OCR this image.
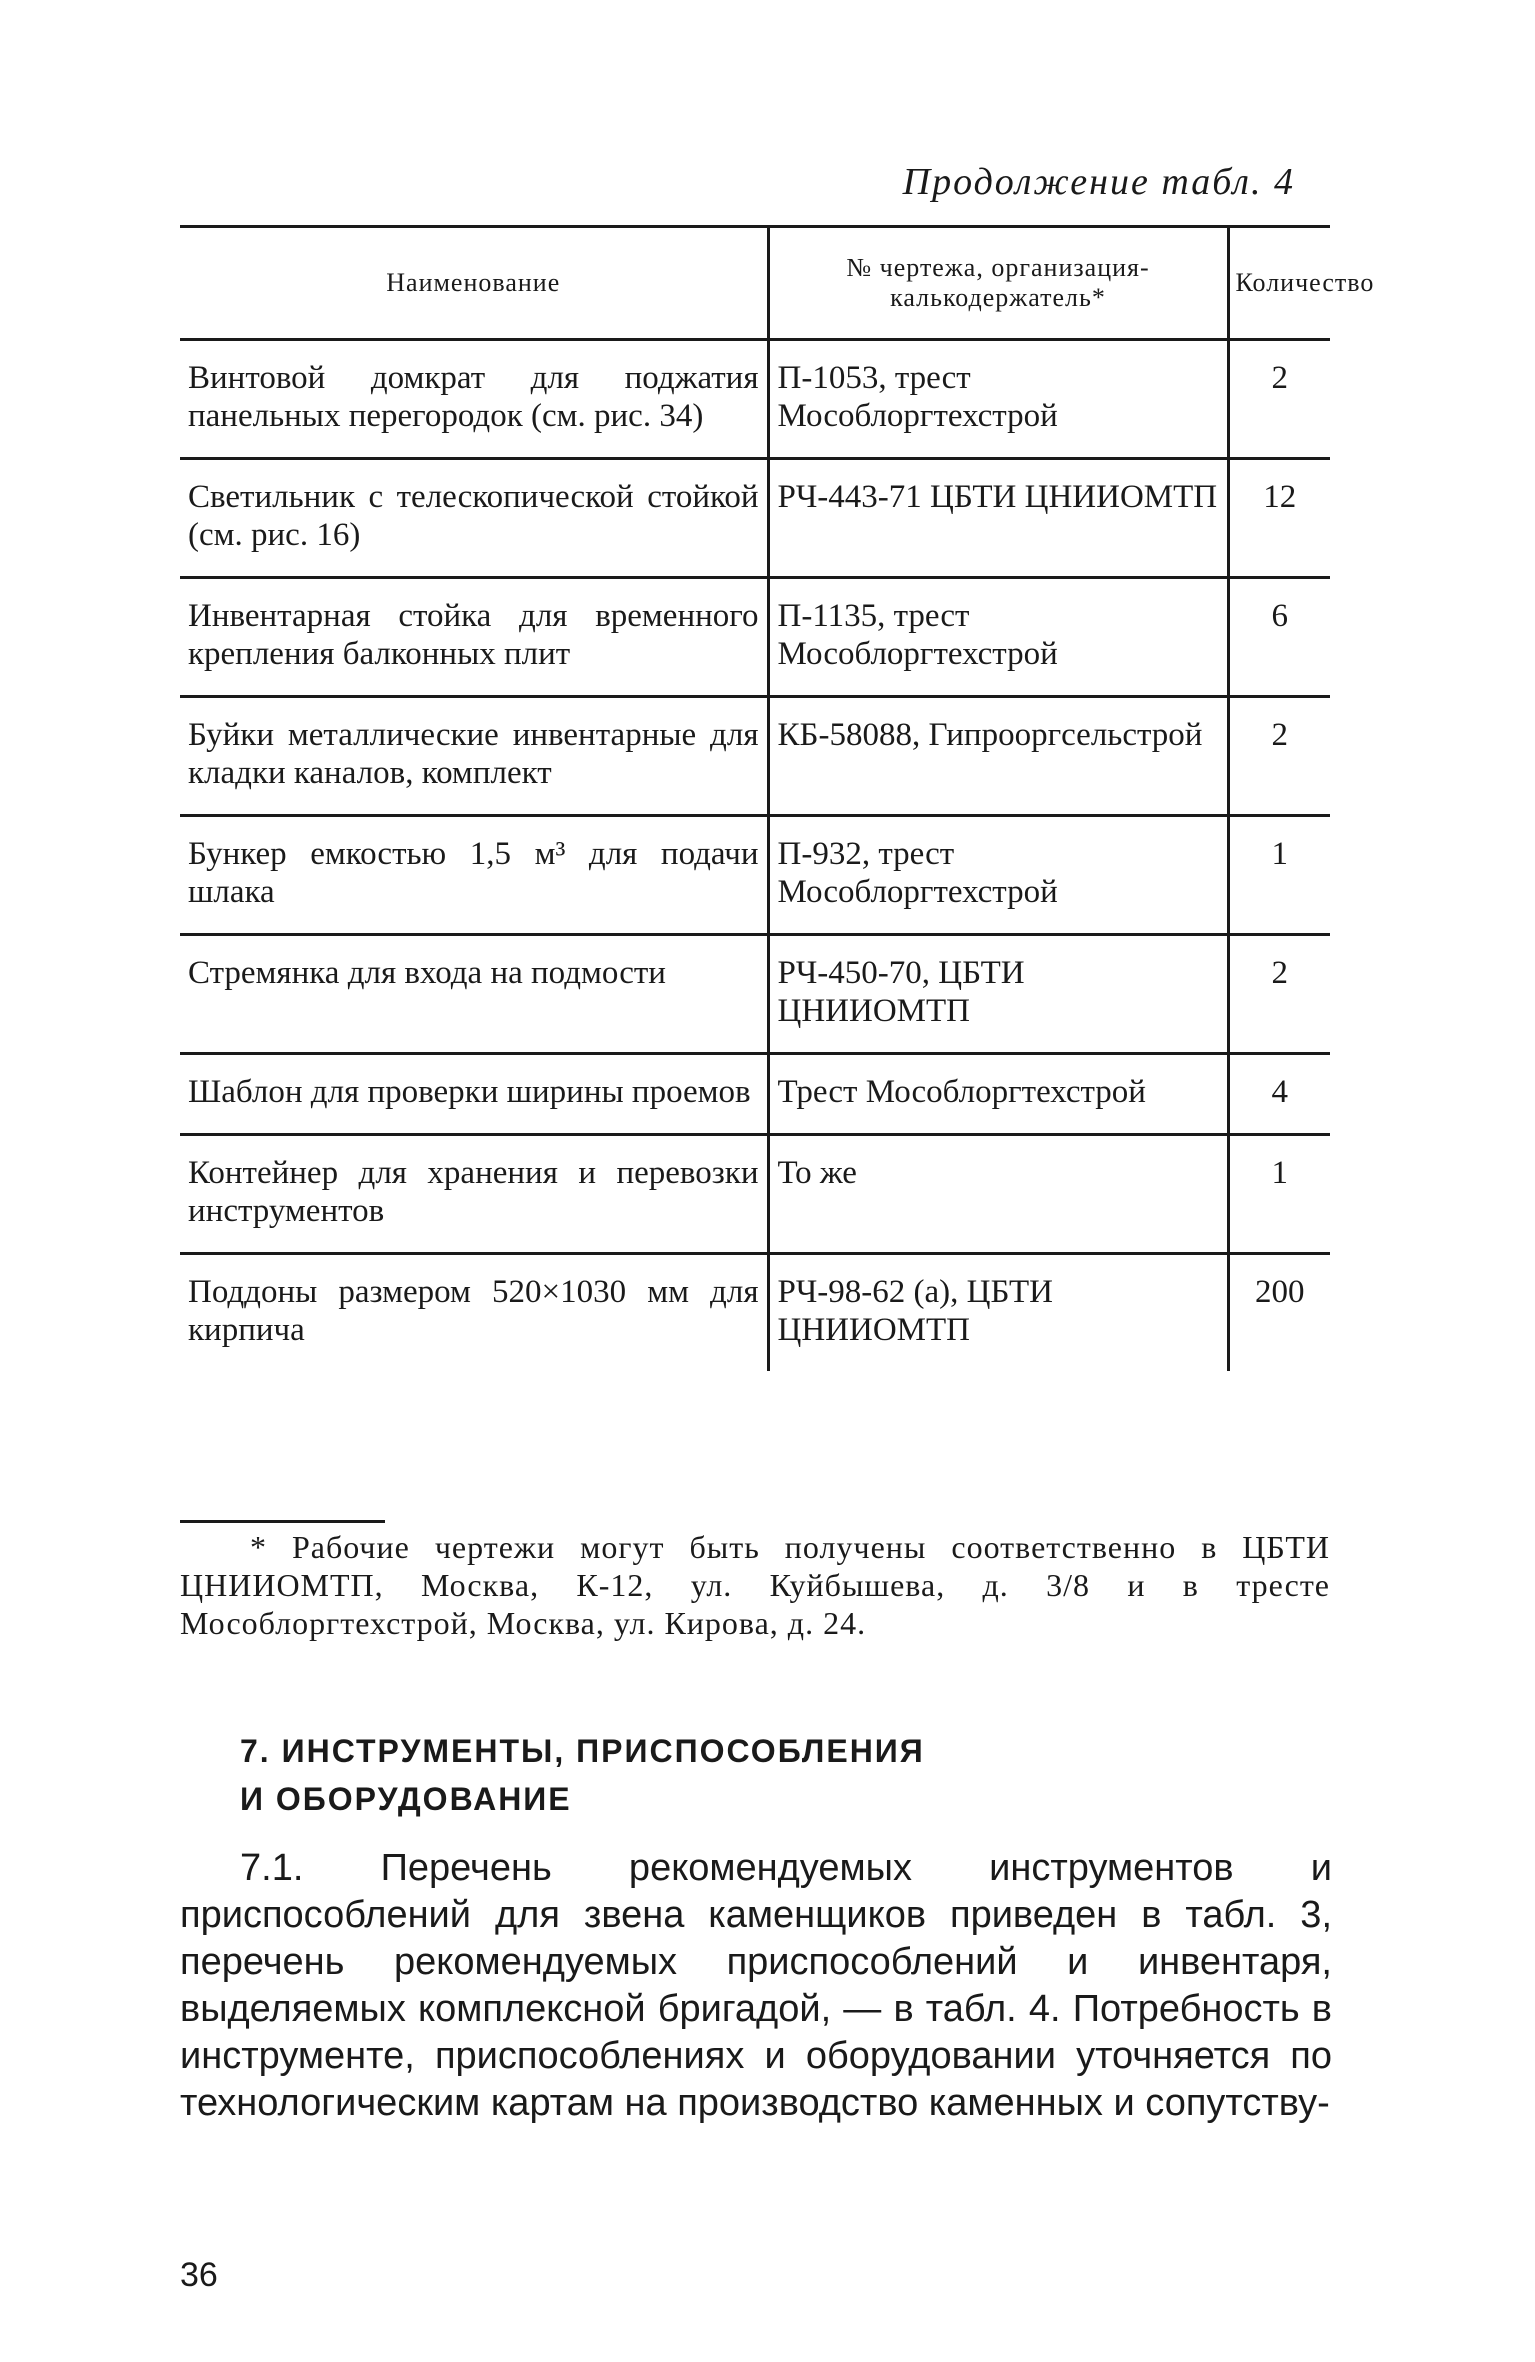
Продолжение табл. 4
Наименование	№ чертежа, организация-калькодержатель*	Количество
Винтовой домкрат для поджатия панельных перегородок (см. рис. 34)	П-1053, трест Мособлоргтехстрой	2
Светильник с телескопической стойкой (см. рис. 16)	РЧ-443-71 ЦБТИ ЦНИИОМТП	12
Инвентарная стойка для временного крепления балконных плит	П-1135, трест Мособлоргтехстрой	6
Буйки металлические инвентарные для кладки каналов, комплект	КБ-58088, Гипрооргсельстрой	2
Бункер емкостью 1,5 м³ для подачи шлака	П-932, трест Мособлоргтехстрой	1
Стремянка для входа на подмости	РЧ-450-70, ЦБТИ ЦНИИОМТП	2
Шаблон для проверки ширины проемов	Трест Мособлоргтехстрой	4
Контейнер для хранения и перевозки инструментов	То же	1
Поддоны размером 520×1030 мм для кирпича	РЧ-98-62 (а), ЦБТИ ЦНИИОМТП	200
* Рабочие чертежи могут быть получены соответственно в ЦБТИ ЦНИИОМТП, Москва, К-12, ул. Куйбышева, д. 3/8 и в тресте Мособлоргтехстрой, Москва, ул. Кирова, д. 24.
7. ИНСТРУМЕНТЫ, ПРИСПОСОБЛЕНИЯ
И ОБОРУДОВАНИЕ
7.1. Перечень рекомендуемых инструментов и приспособлений для звена каменщиков приведен в табл. 3, перечень рекомендуемых приспособлений и инвентаря, выделяемых комплексной бригадой, — в табл. 4. Потребность в инструменте, приспособлениях и оборудовании уточняется по технологическим картам на производство каменных и сопутству-
36
